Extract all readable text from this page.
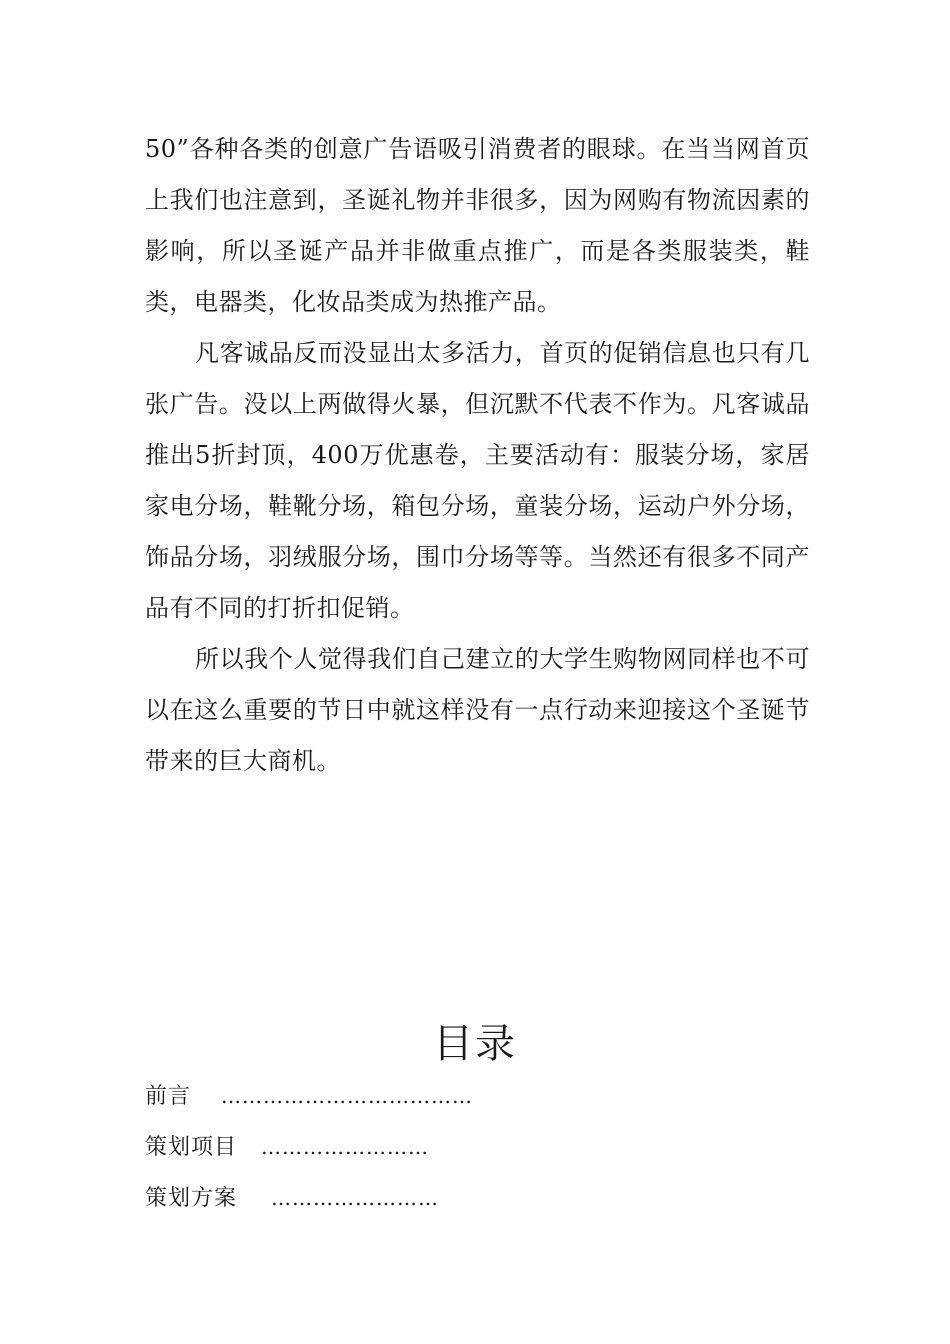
50”各种各类的创意广告语吸引消费者的眼球。在当当网首页上我们也注意到，圣诞礼物并非很多，因为网购有物流因素的影响，所以圣诞产品并非做重点推广，而是各类服装类，鞋类，电器类，化妆品类成为热推产品。

凡客诚品反而没显出太多活力，首页的促销信息也只有几张广告。没以上两做得火暴，但沉默不代表不作为。凡客诚品推出5折封顶，400万优惠卷，主要活动有：服装分场，家居家电分场，鞋靴分场，箱包分场，童装分场，运动户外分场，饰品分场，羽绒服分场，围巾分场等等。当然还有很多不同产品有不同的打折扣促销。

所以我个人觉得我们自己建立的大学生购物网同样也不可以在这么重要的节日中就这样没有一点行动来迎接这个圣诞节带来的巨大商机。

目录
前言 ………………………………
策划项目 ……………………
策划方案 ……………………
